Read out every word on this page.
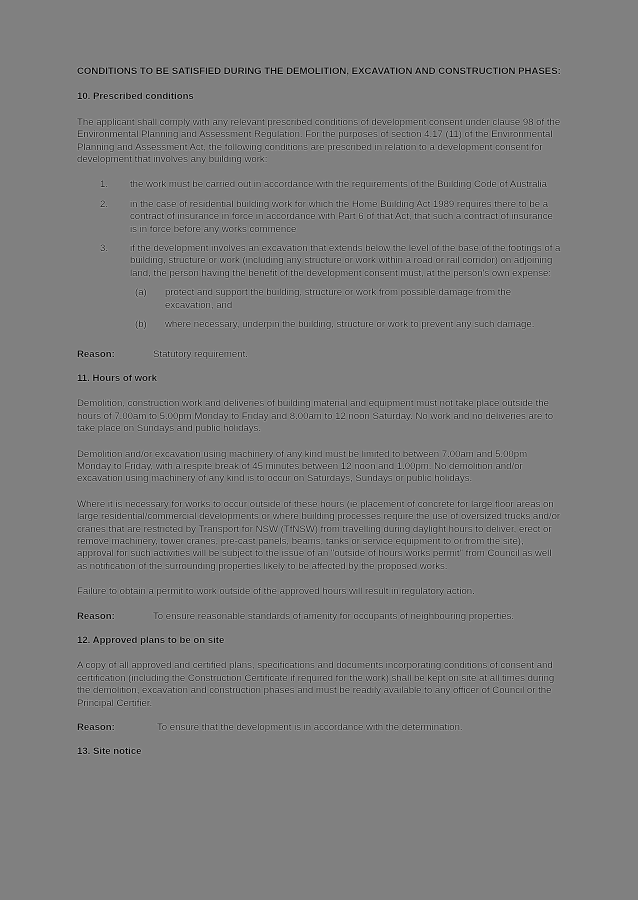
CONDITIONS TO BE SATISFIED DURING THE DEMOLITION, EXCAVATION AND CONSTRUCTION PHASES:

10. Prescribed conditions

The applicant shall comply with any relevant prescribed conditions of development consent under clause 98 of the Environmental Planning and Assessment Regulation. For the purposes of section 4.17 (11) of the Environmental Planning and Assessment Act, the following conditions are prescribed in relation to a development consent for development that involves any building work:

1. the work must be carried out in accordance with the requirements of the Building Code of Australia
2. in the case of residential building work for which the Home Building Act 1989 requires there to be a contract of insurance in force in accordance with Part 6 of that Act, that such a contract of insurance is in force before any works commence
3. if the development involves an excavation that extends below the level of the base of the footings of a building, structure or work (including any structure or work within a road or rail corridor) on adjoining land, the person having the benefit of the development consent must, at the person's own expense:
(a) protect and support the building, structure or work from possible damage from the excavation, and
(b) where necessary, underpin the building, structure or work to prevent any such damage.
Reason:	Statutory requirement.

11. Hours of work

Demolition, construction work and deliveries of building material and equipment must not take place outside the hours of 7.00am to 5.00pm Monday to Friday and 8.00am to 12 noon Saturday. No work and no deliveries are to take place on Sundays and public holidays.

Demolition and/or excavation using machinery of any kind must be limited to between 7.00am and 5.00pm Monday to Friday, with a respite break of 45 minutes between 12 noon and 1.00pm. No demolition and/or excavation using machinery of any kind is to occur on Saturdays, Sundays or public holidays.

Where it is necessary for works to occur outside of these hours (ie placement of concrete for large floor areas on large residential/commercial developments or where building processes require the use of oversized trucks and/or cranes that are restricted by Transport for NSW (TfNSW) from travelling during daylight hours to deliver, erect or remove machinery, tower cranes, pre-cast panels, beams, tanks or service equipment to or from the site), approval for such activities will be subject to the issue of an "outside of hours works permit" from Council as well as notification of the surrounding properties likely to be affected by the proposed works.

Failure to obtain a permit to work outside of the approved hours will result in regulatory action.

Reason:	To ensure reasonable standards of amenity for occupants of neighbouring properties.

12. Approved plans to be on site

A copy of all approved and certified plans, specifications and documents incorporating conditions of consent and certification (including the Construction Certificate if required for the work) shall be kept on site at all times during the demolition, excavation and construction phases and must be readily available to any officer of Council or the Principal Certifier.

Reason:	To ensure that the development is in accordance with the determination.

13. Site notice
